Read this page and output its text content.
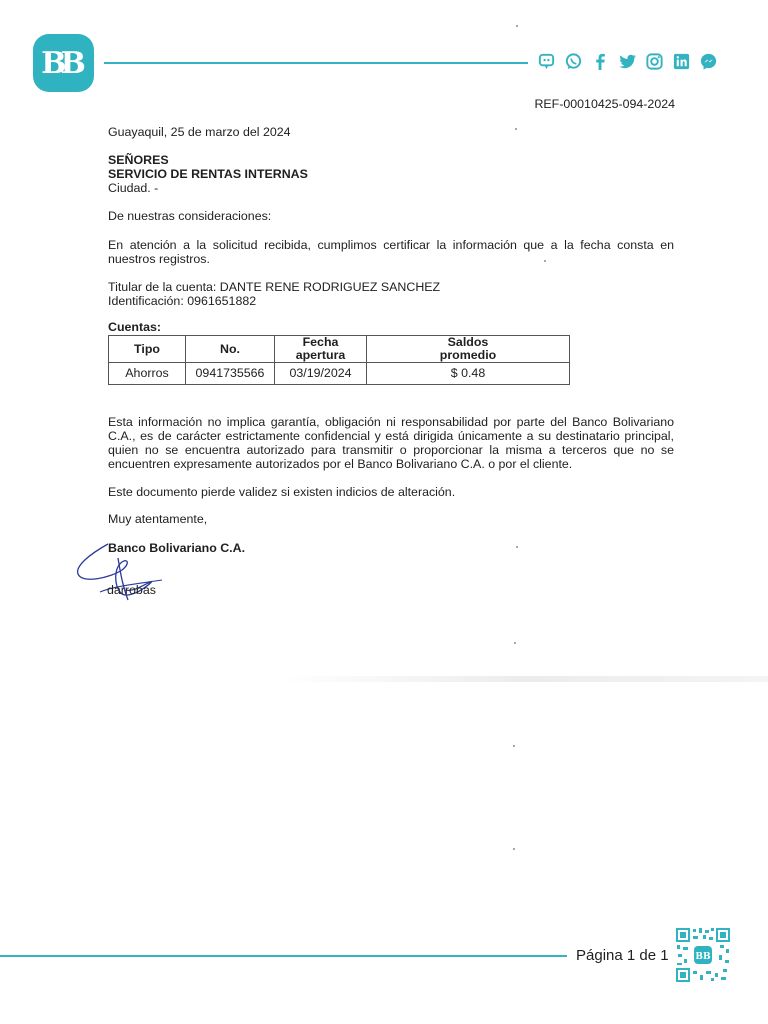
BB
REF-00010425-094-2024
Guayaquil, 25 de marzo del 2024
SEÑORES
SERVICIO DE RENTAS INTERNAS
Ciudad. -
De nuestras consideraciones:
En atención a la solicitud recibida, cumplimos certificar la información que a la fecha consta en nuestros registros.
Titular de la cuenta: DANTE RENE RODRIGUEZ SANCHEZ
Identificación: 0961651882
Cuentas:
Tipo	No.	Fecha apertura	Saldos promedio

Ahorros	0941735566	03/19/2024	$ 0.48
Esta información no implica garantía, obligación ni responsabilidad por parte del Banco Bolivariano C.A., es de carácter estrictamente confidencial y está dirigida únicamente a su destinatario principal, quien no se encuentra autorizado para transmitir o proporcionar la misma a terceros que no se encuentren expresamente autorizados por el Banco Bolivariano C.A. o por el cliente.
Este documento pierde validez si existen indicios de alteración.
Muy atentamente,
Banco Bolivariano C.A.
darrobas
Página 1 de 1	BB
